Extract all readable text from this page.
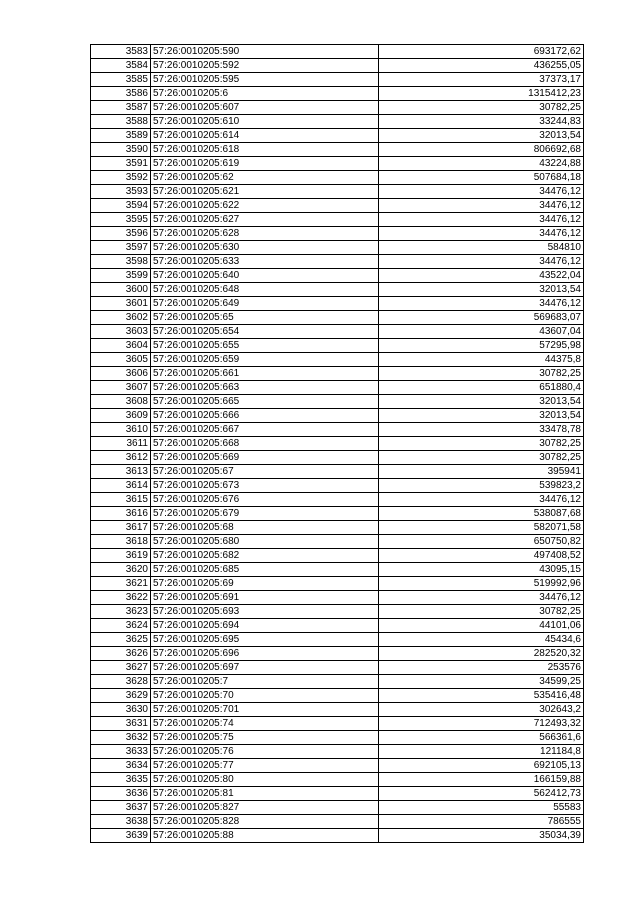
3583	57:26:0010205:590	693172,62
3584	57:26:0010205:592	436255,05
3585	57:26:0010205:595	37373,17
3586	57:26:0010205:6	1315412,23
3587	57:26:0010205:607	30782,25
3588	57:26:0010205:610	33244,83
3589	57:26:0010205:614	32013,54
3590	57:26:0010205:618	806692,68
3591	57:26:0010205:619	43224,88
3592	57:26:0010205:62	507684,18
3593	57:26:0010205:621	34476,12
3594	57:26:0010205:622	34476,12
3595	57:26:0010205:627	34476,12
3596	57:26:0010205:628	34476,12
3597	57:26:0010205:630	584810
3598	57:26:0010205:633	34476,12
3599	57:26:0010205:640	43522,04
3600	57:26:0010205:648	32013,54
3601	57:26:0010205:649	34476,12
3602	57:26:0010205:65	569683,07
3603	57:26:0010205:654	43607,04
3604	57:26:0010205:655	57295,98
3605	57:26:0010205:659	44375,8
3606	57:26:0010205:661	30782,25
3607	57:26:0010205:663	651880,4
3608	57:26:0010205:665	32013,54
3609	57:26:0010205:666	32013,54
3610	57:26:0010205:667	33478,78
3611	57:26:0010205:668	30782,25
3612	57:26:0010205:669	30782,25
3613	57:26:0010205:67	395941
3614	57:26:0010205:673	539823,2
3615	57:26:0010205:676	34476,12
3616	57:26:0010205:679	538087,68
3617	57:26:0010205:68	582071,58
3618	57:26:0010205:680	650750,82
3619	57:26:0010205:682	497408,52
3620	57:26:0010205:685	43095,15
3621	57:26:0010205:69	519992,96
3622	57:26:0010205:691	34476,12
3623	57:26:0010205:693	30782,25
3624	57:26:0010205:694	44101,06
3625	57:26:0010205:695	45434,6
3626	57:26:0010205:696	282520,32
3627	57:26:0010205:697	253576
3628	57:26:0010205:7	34599,25
3629	57:26:0010205:70	535416,48
3630	57:26:0010205:701	302643,2
3631	57:26:0010205:74	712493,32
3632	57:26:0010205:75	566361,6
3633	57:26:0010205:76	121184,8
3634	57:26:0010205:77	692105,13
3635	57:26:0010205:80	166159,88
3636	57:26:0010205:81	562412,73
3637	57:26:0010205:827	55583
3638	57:26:0010205:828	786555
3639	57:26:0010205:88	35034,39
